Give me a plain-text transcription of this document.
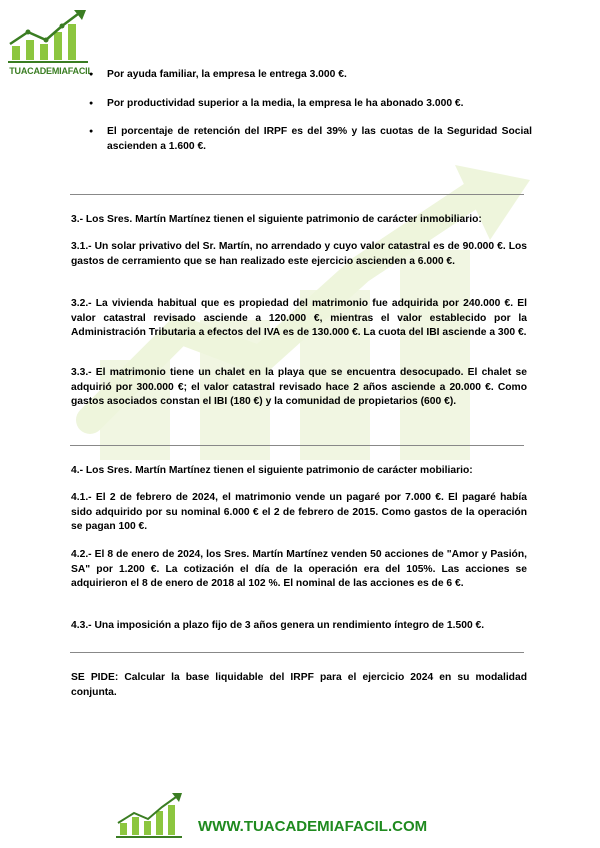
TUACADEMIAFACIL
●	Por ayuda familiar, la empresa le entrega 3.000 €.
● Por productividad superior a la media, la empresa le ha abonado 3.000 €.
● El porcentaje de retención del IRPF es del 39% y las cuotas de la Seguridad Social ascienden a 1.600 €.

3.- Los Sres. Martín Martínez tienen el siguiente patrimonio de carácter inmobiliario:

3.1.- Un solar privativo del Sr. Martín, no arrendado y cuyo valor catastral es de 90.000 €. Los gastos de cerramiento que se han realizado este ejercicio ascienden a 6.000 €.

3.2.- La vivienda habitual que es propiedad del matrimonio fue adquirida por 240.000 €. El valor catastral revisado asciende a 120.000 €, mientras el valor establecido por la Administración Tributaria a efectos del IVA es de 130.000 €. La cuota del IBI asciende a 300 €.

3.3.- El matrimonio tiene un chalet en la playa que se encuentra desocupado. El chalet se adquirió por 300.000 €; el valor catastral revisado hace 2 años asciende a 20.000 €. Como gastos asociados constan el IBI (180 €) y la comunidad de propietarios (600 €).

4.- Los Sres. Martín Martínez tienen el siguiente patrimonio de carácter mobiliario:

4.1.- El 2 de febrero de 2024, el matrimonio vende un pagaré por 7.000 €. El pagaré había sido adquirido por su nominal 6.000 € el 2 de febrero de 2015. Como gastos de la operación se pagan 100 €.

4.2.- El 8 de enero de 2024, los Sres. Martín Martínez venden 50 acciones de "Amor y Pasión, SA" por 1.200 €. La cotización el día de la operación era del 105%. Las acciones se adquirieron el 8 de enero de 2018 al 102 %. El nominal de las acciones es de 6 €.

4.3.- Una imposición a plazo fijo de 3 años genera un rendimiento íntegro de 1.500 €.

SE PIDE: Calcular la base liquidable del IRPF para el ejercicio 2024 en su modalidad conjunta.

WWW.TUACADEMIAFACIL.COM
